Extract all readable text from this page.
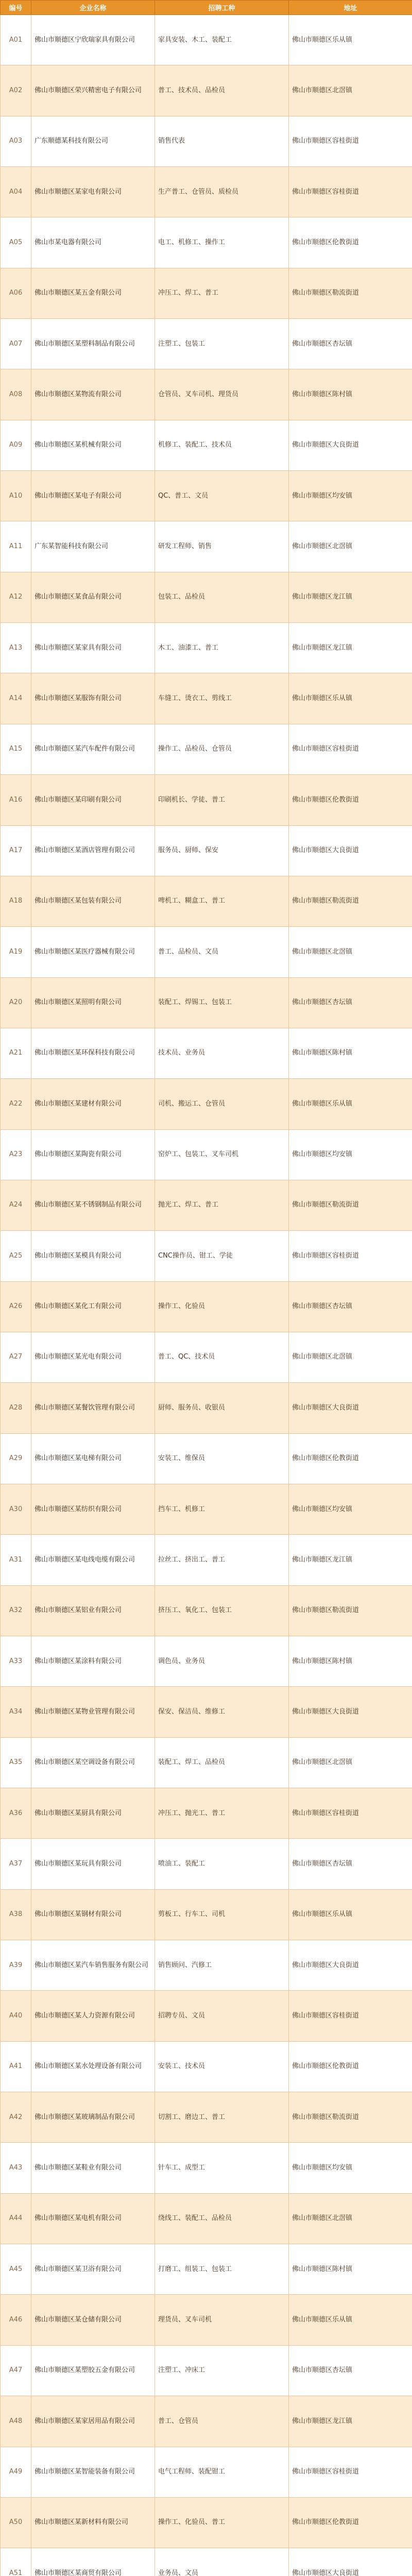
编号	企业名称	招聘工种	地址
A01	佛山市顺德区宁欣瑞家具有限公司	家具安装、木工、装配工	佛山市顺德区乐从镇
A02	佛山市顺德区荣兴精密电子有限公司	普工、技术员、品检员	佛山市顺德区北滘镇
A03	广东顺德某科技有限公司	销售代表	佛山市顺德区容桂街道
A04	佛山市顺德区某家电有限公司	生产普工、仓管员、质检员	佛山市顺德区容桂街道
A05	佛山市某电器有限公司	电工、机修工、操作工	佛山市顺德区伦教街道
A06	佛山市顺德区某五金有限公司	冲压工、焊工、普工	佛山市顺德区勒流街道
A07	佛山市顺德区某塑料制品有限公司	注塑工、包装工	佛山市顺德区杏坛镇
A08	佛山市顺德区某物流有限公司	仓管员、叉车司机、理货员	佛山市顺德区陈村镇
A09	佛山市顺德区某机械有限公司	机修工、装配工、技术员	佛山市顺德区大良街道
A10	佛山市顺德区某电子有限公司	QC、普工、文员	佛山市顺德区均安镇
A11	广东某智能科技有限公司	研发工程师、销售	佛山市顺德区北滘镇
A12	佛山市顺德区某食品有限公司	包装工、品检员	佛山市顺德区龙江镇
A13	佛山市顺德区某家具有限公司	木工、油漆工、普工	佛山市顺德区龙江镇
A14	佛山市顺德区某服饰有限公司	车缝工、烫衣工、剪线工	佛山市顺德区乐从镇
A15	佛山市顺德区某汽车配件有限公司	操作工、品检员、仓管员	佛山市顺德区容桂街道
A16	佛山市顺德区某印刷有限公司	印刷机长、学徒、普工	佛山市顺德区伦教街道
A17	佛山市顺德区某酒店管理有限公司	服务员、厨师、保安	佛山市顺德区大良街道
A18	佛山市顺德区某包装有限公司	啤机工、糊盒工、普工	佛山市顺德区勒流街道
A19	佛山市顺德区某医疗器械有限公司	普工、品检员、文员	佛山市顺德区北滘镇
A20	佛山市顺德区某照明有限公司	装配工、焊锡工、包装工	佛山市顺德区杏坛镇
A21	佛山市顺德区某环保科技有限公司	技术员、业务员	佛山市顺德区陈村镇
A22	佛山市顺德区某建材有限公司	司机、搬运工、仓管员	佛山市顺德区乐从镇
A23	佛山市顺德区某陶瓷有限公司	窑炉工、包装工、叉车司机	佛山市顺德区均安镇
A24	佛山市顺德区某不锈钢制品有限公司	抛光工、焊工、普工	佛山市顺德区勒流街道
A25	佛山市顺德区某模具有限公司	CNC操作员、钳工、学徒	佛山市顺德区容桂街道
A26	佛山市顺德区某化工有限公司	操作工、化验员	佛山市顺德区杏坛镇
A27	佛山市顺德区某光电有限公司	普工、QC、技术员	佛山市顺德区北滘镇
A28	佛山市顺德区某餐饮管理有限公司	厨师、服务员、收银员	佛山市顺德区大良街道
A29	佛山市顺德区某电梯有限公司	安装工、维保员	佛山市顺德区伦教街道
A30	佛山市顺德区某纺织有限公司	挡车工、机修工	佛山市顺德区均安镇
A31	佛山市顺德区某电线电缆有限公司	拉丝工、挤出工、普工	佛山市顺德区龙江镇
A32	佛山市顺德区某铝业有限公司	挤压工、氧化工、包装工	佛山市顺德区勒流街道
A33	佛山市顺德区某涂料有限公司	调色员、业务员	佛山市顺德区陈村镇
A34	佛山市顺德区某物业管理有限公司	保安、保洁员、维修工	佛山市顺德区大良街道
A35	佛山市顺德区某空调设备有限公司	装配工、焊工、品检员	佛山市顺德区北滘镇
A36	佛山市顺德区某厨具有限公司	冲压工、抛光工、普工	佛山市顺德区容桂街道
A37	佛山市顺德区某玩具有限公司	喷油工、装配工	佛山市顺德区杏坛镇
A38	佛山市顺德区某钢材有限公司	剪板工、行车工、司机	佛山市顺德区乐从镇
A39	佛山市顺德区某汽车销售服务有限公司	销售顾问、汽修工	佛山市顺德区大良街道
A40	佛山市顺德区某人力资源有限公司	招聘专员、文员	佛山市顺德区容桂街道
A41	佛山市顺德区某水处理设备有限公司	安装工、技术员	佛山市顺德区伦教街道
A42	佛山市顺德区某玻璃制品有限公司	切割工、磨边工、普工	佛山市顺德区勒流街道
A43	佛山市顺德区某鞋业有限公司	针车工、成型工	佛山市顺德区均安镇
A44	佛山市顺德区某电机有限公司	绕线工、装配工、品检员	佛山市顺德区北滘镇
A45	佛山市顺德区某卫浴有限公司	打磨工、组装工、包装工	佛山市顺德区陈村镇
A46	佛山市顺德区某仓储有限公司	理货员、叉车司机	佛山市顺德区乐从镇
A47	佛山市顺德区某塑胶五金有限公司	注塑工、冲床工	佛山市顺德区杏坛镇
A48	佛山市顺德区某家居用品有限公司	普工、仓管员	佛山市顺德区龙江镇
A49	佛山市顺德区某智能装备有限公司	电气工程师、装配钳工	佛山市顺德区容桂街道
A50	佛山市顺德区某新材料有限公司	操作工、化验员、普工	佛山市顺德区伦教街道
A51	佛山市顺德区某商贸有限公司	业务员、文员	佛山市顺德区大良街道
